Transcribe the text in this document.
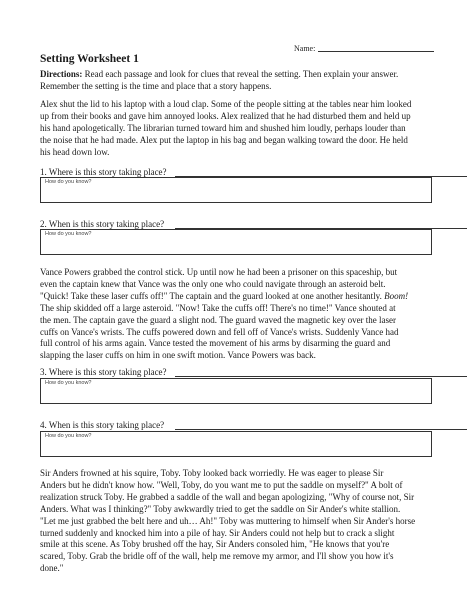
Name:
Setting Worksheet 1
Directions: Read each passage and look for clues that reveal the setting. Then explain your answer.
Remember the setting is the time and place that a story happens.
Alex shut the lid to his laptop with a loud clap. Some of the people sitting at the tables near him looked
up from their books and gave him annoyed looks. Alex realized that he had disturbed them and held up
his hand apologetically. The librarian turned toward him and shushed him loudly, perhaps louder than
the noise that he had made. Alex put the laptop in his bag and began walking toward the door. He held
his head down low.
1. Where is this story taking place?
How do you know?
2. When is this story taking place?
How do you know?
Vance Powers grabbed the control stick. Up until now he had been a prisoner on this spaceship, but
even the captain knew that Vance was the only one who could navigate through an asteroid belt.
"Quick! Take these laser cuffs off!" The captain and the guard looked at one another hesitantly. Boom!
The ship skidded off a large asteroid. "Now! Take the cuffs off! There's no time!" Vance shouted at
the men. The captain gave the guard a slight nod. The guard waved the magnetic key over the laser
cuffs on Vance's wrists. The cuffs powered down and fell off of Vance's wrists. Suddenly Vance had
full control of his arms again. Vance tested the movement of his arms by disarming the guard and
slapping the laser cuffs on him in one swift motion. Vance Powers was back.
3. Where is this story taking place?
How do you know?
4. When is this story taking place?
How do you know?
Sir Anders frowned at his squire, Toby. Toby looked back worriedly. He was eager to please Sir
Anders but he didn't know how. "Well, Toby, do you want me to put the saddle on myself?" A bolt of
realization struck Toby. He grabbed a saddle of the wall and began apologizing, "Why of course not, Sir
Anders. What was I thinking?" Toby awkwardly tried to get the saddle on Sir Ander's white stallion.
"Let me just grabbed the belt here and uh… Ah!" Toby was muttering to himself when Sir Ander's horse
turned suddenly and knocked him into a pile of hay. Sir Anders could not help but to crack a slight
smile at this scene. As Toby brushed off the hay, Sir Anders consoled him, "He knows that you're
scared, Toby. Grab the bridle off of the wall, help me remove my armor, and I'll show you how it's
done."
